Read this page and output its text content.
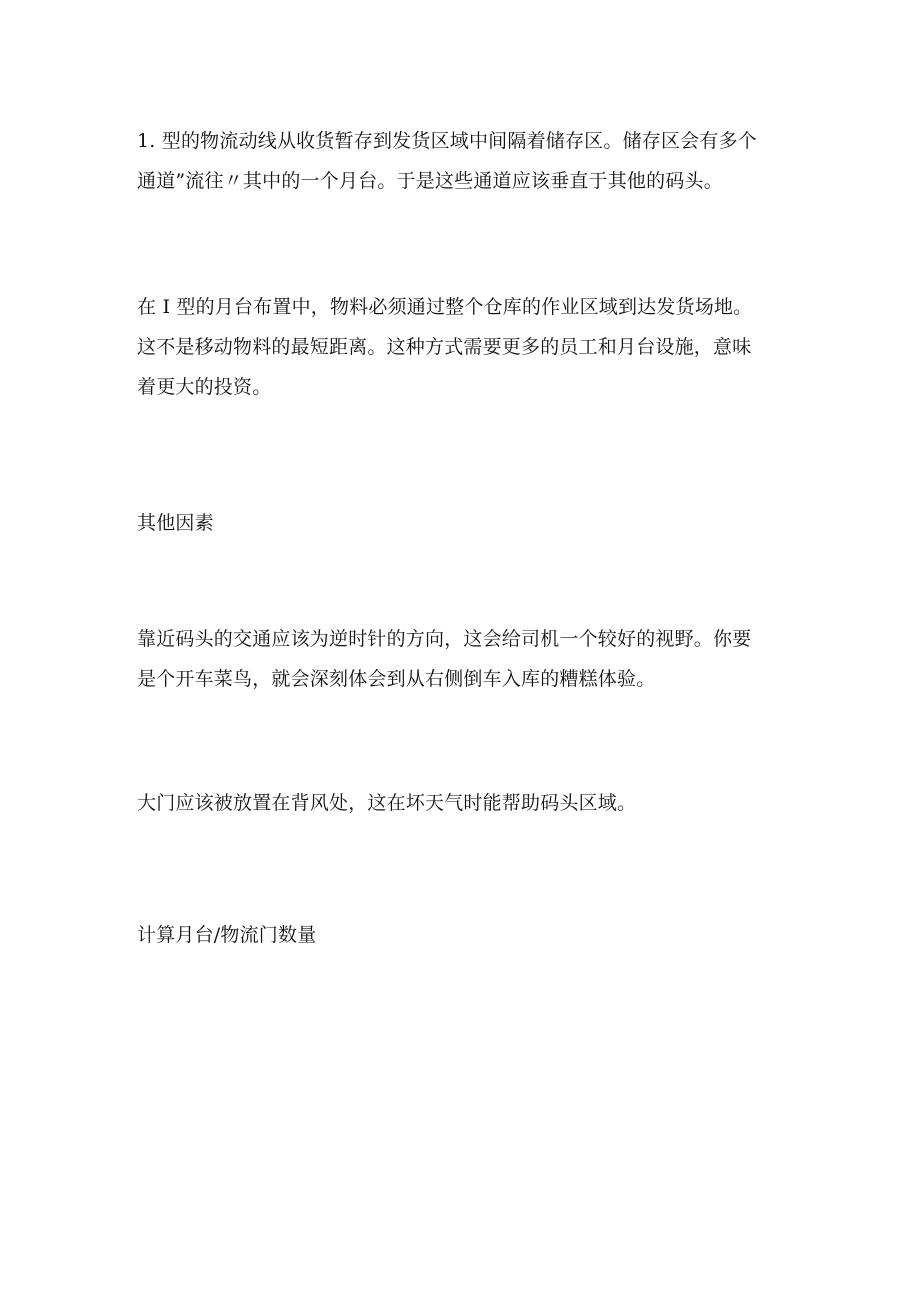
1. 型的物流动线从收货暂存到发货区域中间隔着储存区。储存区会有多个
通道”流往〃其中的一个月台。于是这些通道应该垂直于其他的码头。

在 I 型的月台布置中，物料必须通过整个仓库的作业区域到达发货场地。
这不是移动物料的最短距离。这种方式需要更多的员工和月台设施，意味
着更大的投资。

其他因素

靠近码头的交通应该为逆时针的方向，这会给司机一个较好的视野。你要
是个开车菜鸟，就会深刻体会到从右侧倒车入库的糟糕体验。

大门应该被放置在背风处，这在坏天气时能帮助码头区域。

计算月台/物流门数量
